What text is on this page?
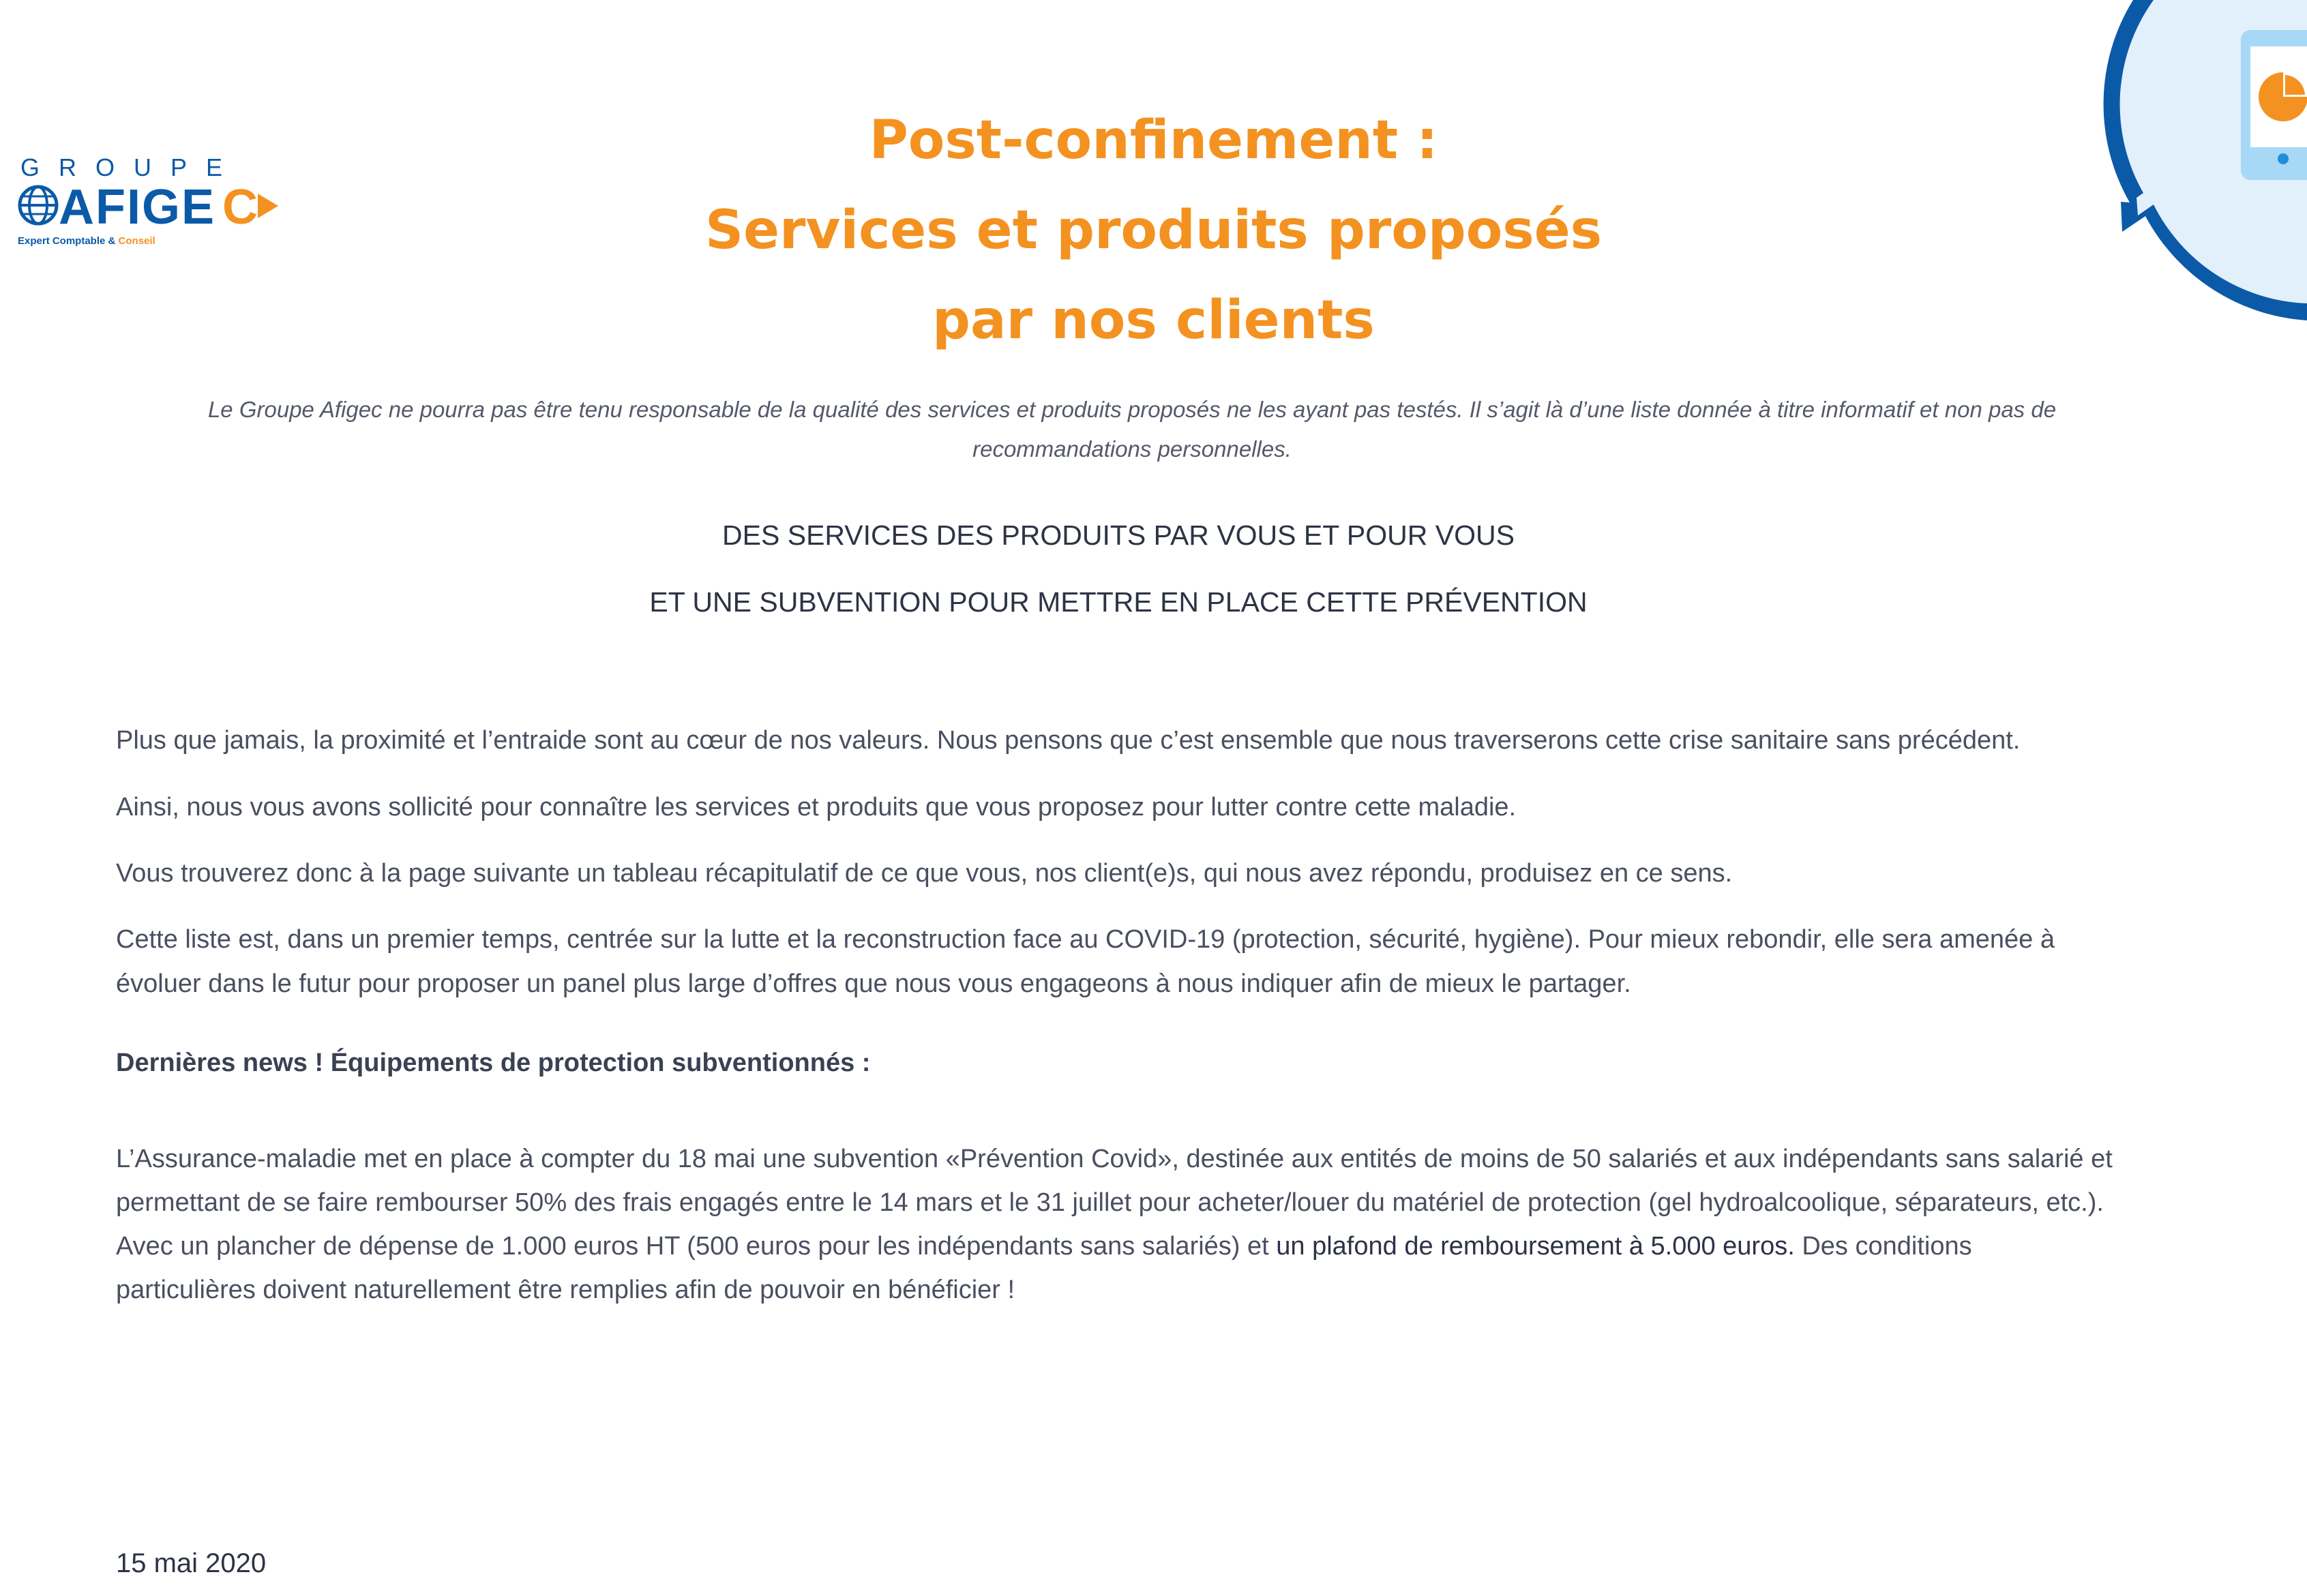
GROUPE
AFIGE C
Expert Comptable & Conseil
Post-confinement :
Services et produits proposés
par nos clients

Le Groupe Afigec ne pourra pas être tenu responsable de la qualité des services et produits proposés ne les ayant pas testés. Il s’agit là d’une liste donnée à titre informatif et non pas de recommandations personnelles.

DES SERVICES DES PRODUITS PAR VOUS ET POUR VOUS

ET UNE SUBVENTION POUR METTRE EN PLACE CETTE PRÉVENTION

Plus que jamais, la proximité et l’entraide sont au cœur de nos valeurs. Nous pensons que c’est ensemble que nous traverserons cette crise sanitaire sans précédent.

Ainsi, nous vous avons sollicité pour connaître les services et produits que vous proposez pour lutter contre cette maladie.

Vous trouverez donc à la page suivante un tableau récapitulatif de ce que vous, nos client(e)s, qui nous avez répondu, produisez en ce sens.

Cette liste est, dans un premier temps, centrée sur la lutte et la reconstruction face au COVID-19 (protection, sécurité, hygiène). Pour mieux rebondir, elle sera amenée à évoluer dans le futur pour proposer un panel plus large d’offres que nous vous engageons à nous indiquer afin de mieux le partager.

Dernières news ! Équipements de protection subventionnés :

L’Assurance-maladie met en place à compter du 18 mai une subvention «Prévention Covid», destinée aux entités de moins de 50 salariés et aux indépendants sans salarié et permettant de se faire rembourser 50% des frais engagés entre le 14 mars et le 31 juillet pour acheter/louer du matériel de protection (gel hydroalcoolique, séparateurs, etc.). Avec un plancher de dépense de 1.000 euros HT (500 euros pour les indépendants sans salariés) et un plafond de remboursement à 5.000 euros. Des conditions particulières doivent naturellement être remplies afin de pouvoir en bénéficier !

15 mai 2020
